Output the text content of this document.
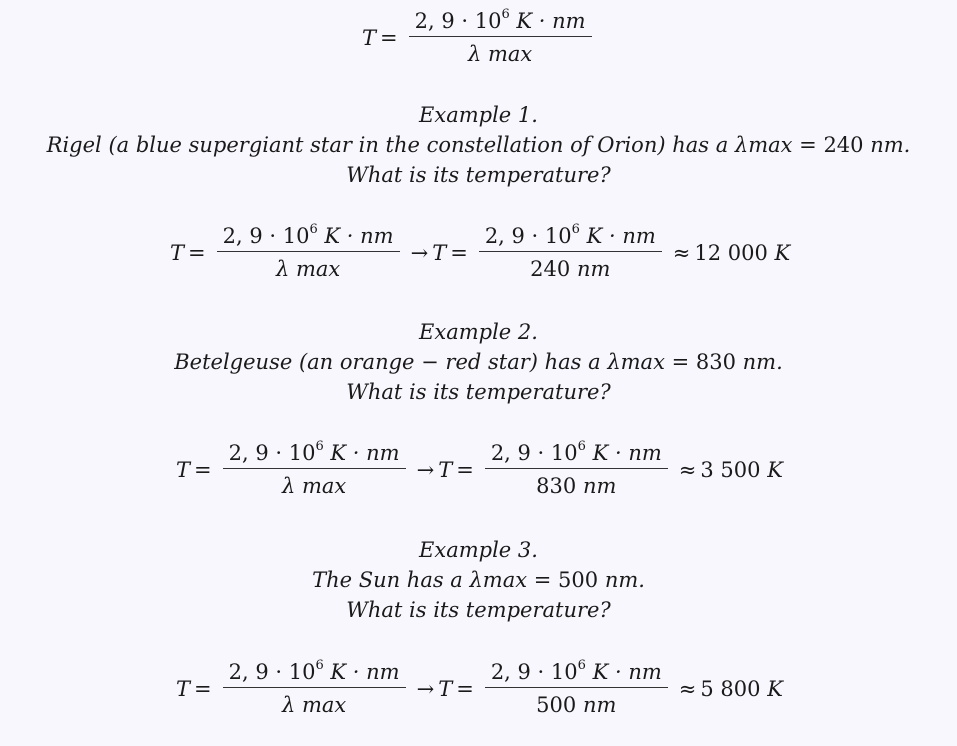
$T = \frac{2, 9 \cdot 10^6 K \cdot nm}{\text{λ max}}$
Example 1.
Rigel (a blue supergiant star in the constellation of Orion) has a λmax = 240 nm.
What is its temperature?
$T = \frac{2, 9 \cdot 10^6 K \cdot nm}{\text{λ max}} \to T = \frac{2, 9 \cdot 10^6 K \cdot nm}{240 nm} \approx 12$ 000 K
Example 2.
Betelgeuse (an orange − red star) has a λmax = 830 nm.
What is its temperature?
$T = \frac{2, 9 \cdot 10^6 K \cdot nm}{\text{λ max}} \to T = \frac{2, 9 \cdot 10^6 K \cdot nm}{830 nm} \approx 3$ 500 K
Example 3.
The Sun has a λmax = 500 nm.
What is its temperature?
$T = \frac{2, 9 \cdot 10^6 K \cdot nm}{\text{λ max}} \to T = \frac{2, 9 \cdot 10^6 K \cdot nm}{500 nm} \approx 5$ 800 K
